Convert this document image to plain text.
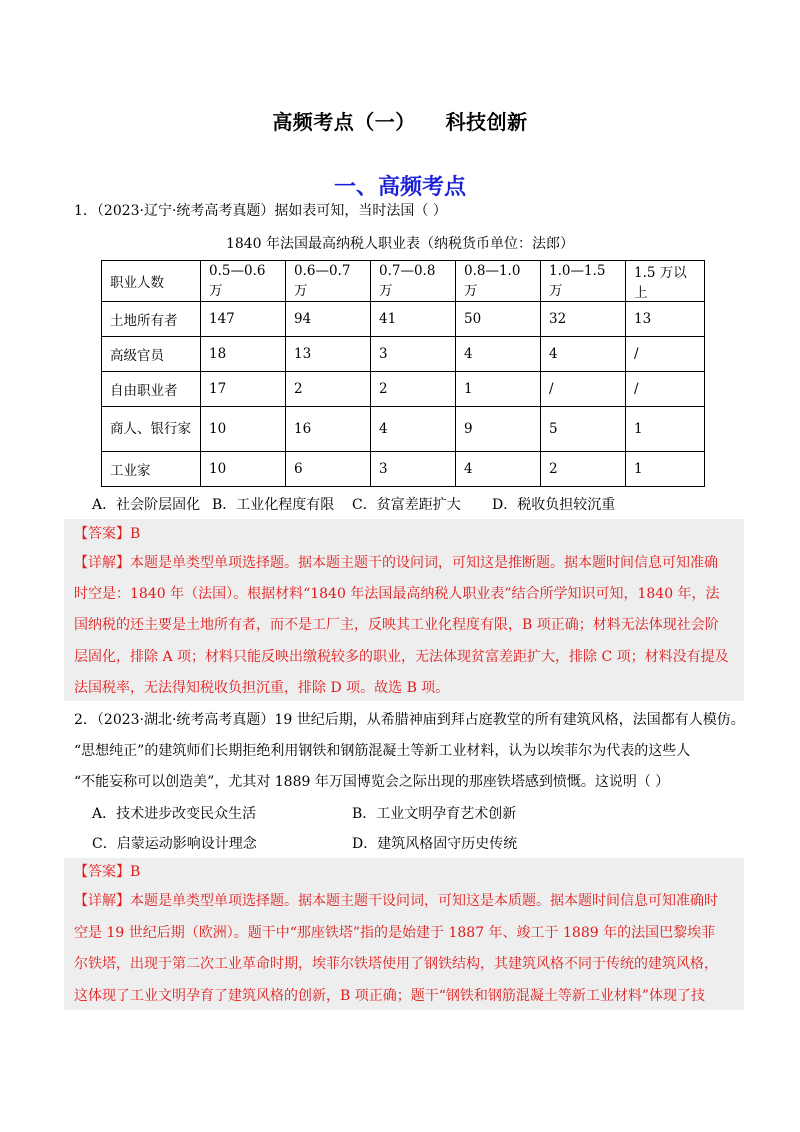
高频考点（一）    科技创新
一、高频考点
1．（2023·辽宁·统考高考真题）据如表可知，当时法国（ ）
1840 年法国最高纳税人职业表（纳税货币单位：法郎）
职业人数	0.5—0.6 万	0.6—0.7 万	0.7—0.8 万	0.8—1.0 万	1.0—1.5 万	1.5 万以上
土地所有者	147	94	41	50	32	13
高级官员	18	13	3	4	4	/
自由职业者	17	2	2	1	/	/
商人、银行家	10	16	4	9	5	1
工业家	10	6	3	4	2	1
A．社会阶层固化 B．工业化程度有限 C．贫富差距扩大 D．税收负担较沉重
【答案】B
【详解】本题是单类型单项选择题。据本题主题干的设问词，可知这是推断题。据本题时间信息可知准确
时空是：1840 年（法国）。根据材料“1840 年法国最高纳税人职业表”结合所学知识可知，1840 年，法
国纳税的还主要是土地所有者，而不是工厂主，反映其工业化程度有限，B 项正确；材料无法体现社会阶
层固化，排除 A 项；材料只能反映出缴税较多的职业，无法体现贫富差距扩大，排除 C 项；材料没有提及
法国税率，无法得知税收负担沉重，排除 D 项。故选 B 项。
2．（2023·湖北·统考高考真题）19 世纪后期，从希腊神庙到拜占庭教堂的所有建筑风格，法国都有人模仿。
“思想纯正”的建筑师们长期拒绝利用钢铁和钢筋混凝土等新工业材料，认为以埃菲尔为代表的这些人
“不能妄称可以创造美”，尤其对 1889 年万国博览会之际出现的那座铁塔感到愤慨。这说明（ ）
A．技术进步改变民众生活	B．工业文明孕育艺术创新
C．启蒙运动影响设计理念	D．建筑风格固守历史传统
【答案】B
【详解】本题是单类型单项选择题。据本题主题干设问词，可知这是本质题。据本题时间信息可知准确时
空是 19 世纪后期（欧洲）。题干中“那座铁塔”指的是始建于 1887 年、竣工于 1889 年的法国巴黎埃菲
尔铁塔，出现于第二次工业革命时期，埃菲尔铁塔使用了钢铁结构，其建筑风格不同于传统的建筑风格，
这体现了工业文明孕育了建筑风格的创新，B 项正确；题干“钢铁和钢筋混凝土等新工业材料”体现了技
